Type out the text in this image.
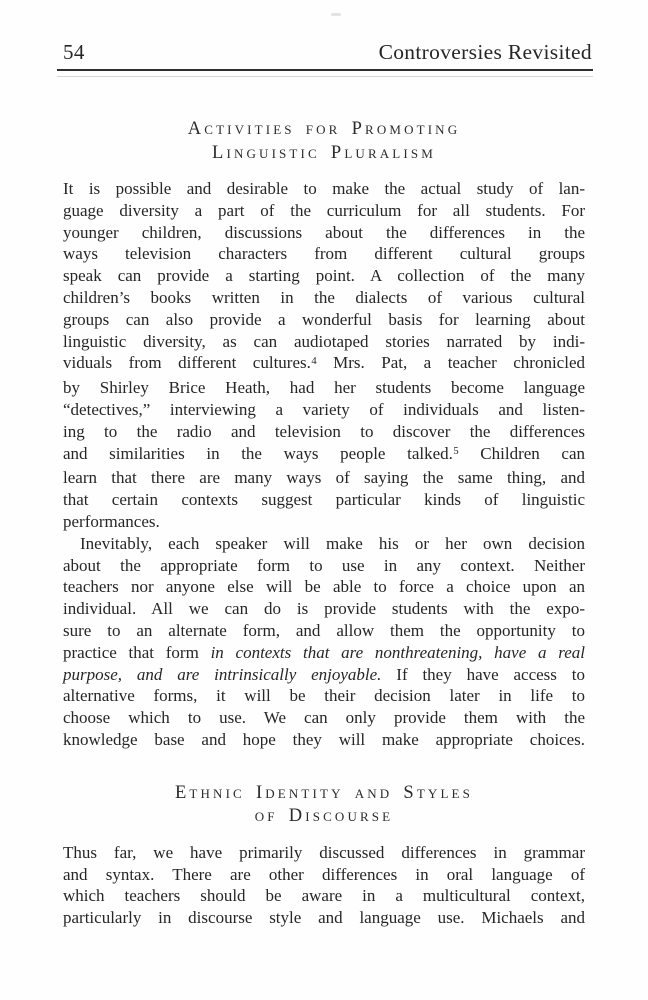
54	Controversies Revisited
Activities for Promoting
Linguistic Pluralism
It is possible and desirable to make the actual study of lan-
guage diversity a part of the curriculum for all students. For
younger children, discussions about the differences in the
ways television characters from different cultural groups
speak can provide a starting point. A collection of the many
children’s books written in the dialects of various cultural
groups can also provide a wonderful basis for learning about
linguistic diversity, as can audiotaped stories narrated by indi-
viduals from different cultures.$^4$ Mrs. Pat, a teacher chronicled
by Shirley Brice Heath, had her students become language
“detectives,” interviewing a variety of individuals and listen-
ing to the radio and television to discover the differences
and similarities in the ways people talked.$^5$ Children can
learn that there are many ways of saying the same thing, and
that certain contexts suggest particular kinds of linguistic
performances.
Inevitably, each speaker will make his or her own decision
about the appropriate form to use in any context. Neither
teachers nor anyone else will be able to force a choice upon an
individual. All we can do is provide students with the expo-
sure to an alternate form, and allow them the opportunity to
practice that form in contexts that are nonthreatening, have a real
purpose, and are intrinsically enjoyable. If they have access to
alternative forms, it will be their decision later in life to
choose which to use. We can only provide them with the
knowledge base and hope they will make appropriate choices.
Ethnic Identity and Styles
of Discourse
Thus far, we have primarily discussed differences in grammar
and syntax. There are other differences in oral language of
which teachers should be aware in a multicultural context,
particularly in discourse style and language use. Michaels and
